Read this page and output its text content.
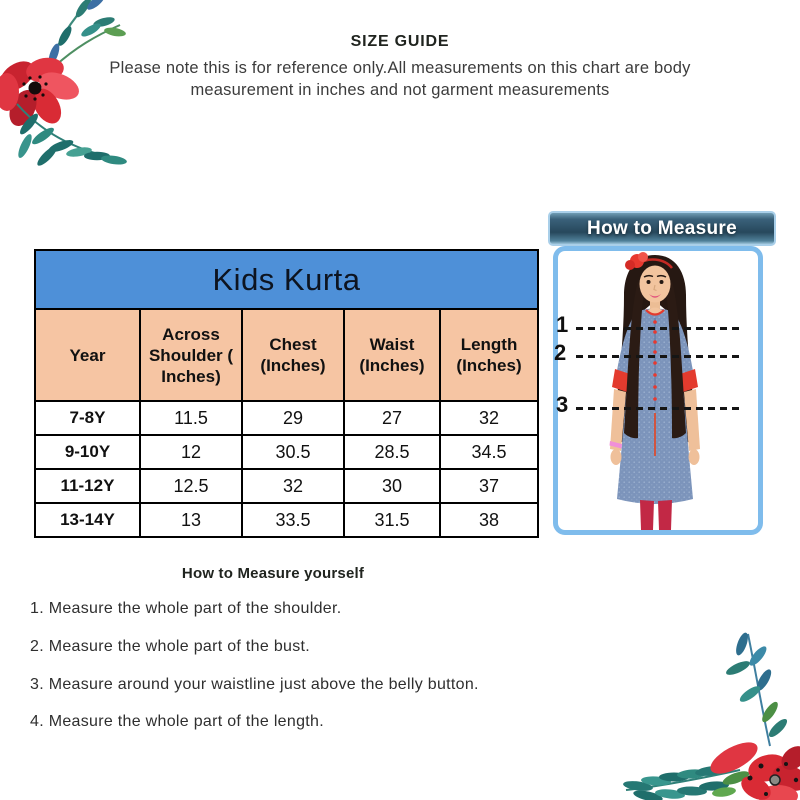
SIZE GUIDE
Please note this is for reference only.All measurements on this chart are body measurement in inches and not garment measurements
Kids Kurta				
Year	Across Shoulder ( Inches)	Chest (Inches)	Waist (Inches)	Length (Inches)
7-8Y	11.5	29	27	32
9-10Y	12	30.5	28.5	34.5
11-12Y	12.5	32	30	37
13-14Y	13	33.5	31.5	38
How to Measure
1
2
3
How to Measure yourself
1. Measure the whole part of the shoulder.
2. Measure the whole part of the bust.
3. Measure around your waistline just above the belly button.
4. Measure the whole part of the length.
